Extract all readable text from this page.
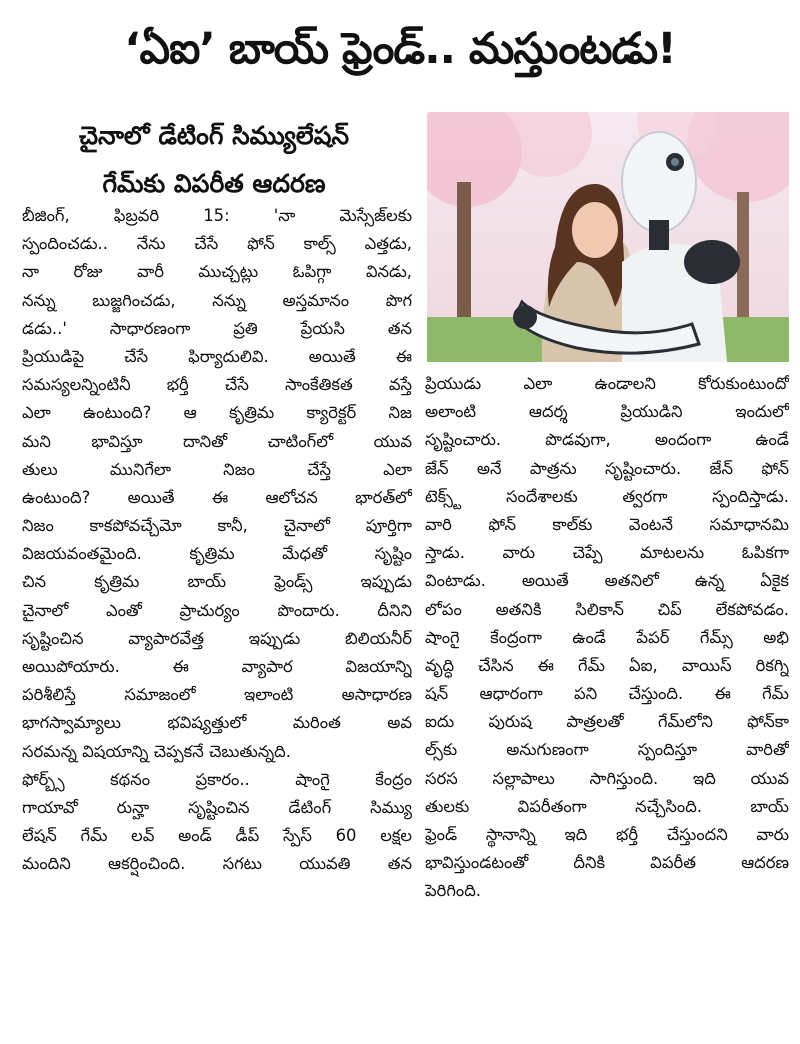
‘ఏఐ’ బాయ్ ఫ్రెండ్.. మస్తుంటడు!
చైనాలో డేటింగ్ సిమ్యులేషన్
గేమ్‌కు విపరీత ఆదరణ
బీజింగ్, ఫిబ్రవరి 15: 'నా మెస్సేజ్‌లకు
స్పందించడు.. నేను చేసే ఫోన్ కాల్స్ ఎత్తడు,
నా రోజు వారీ ముచ్చట్లు ఓపిగ్గా వినడు,
నన్ను బుజ్జగించడు, నన్ను అస్తమానం పొగ
డడు..' సాధారణంగా ప్రతి ప్రేయసి తన
ప్రియుడిపై చేసే ఫిర్యాదులివి. అయితే ఈ
సమస్యలన్నింటినీ భర్తీ చేసే సాంకేతికత వస్తే
ఎలా ఉంటుంది? ఆ కృత్రిమ క్యారెక్టర్ నిజ
మని భావిస్తూ దానితో చాటింగ్‌లో యువ
తులు మునిగేలా నిజం చేస్తే ఎలా
ఉంటుంది? అయితే ఈ ఆలోచన భారత్‌లో
నిజం కాకపోవచ్చేమో కానీ, చైనాలో పూర్తిగా
విజయవంతమైంది. కృత్రిమ మేధతో సృష్టిం
చిన కృత్రిమ బాయ్ ఫ్రెండ్స్ ఇప్పుడు
చైనాలో ఎంతో ప్రాచుర్యం పొందారు. దీనిని
సృష్టించిన వ్యాపారవేత్త ఇప్పుడు బిలియనీర్
అయిపోయారు. ఈ వ్యాపార విజయాన్ని
పరిశీలిస్తే సమాజంలో ఇలాంటి అసాధారణ
భాగస్వామ్యాలు భవిష్యత్తులో మరింత అవ
సరమన్న విషయాన్ని చెప్పకనే చెబుతున్నది.
ఫోర్బ్స్ కథనం ప్రకారం.. షాంగై కేంద్రం
గాయావో రున్హా సృష్టించిన డేటింగ్ సిమ్యు
లేషన్ గేమ్ లవ్ అండ్ డీప్ స్పేస్ 60 లక్షల
మందిని ఆకర్షించింది. సగటు యువతి తన
ప్రియుడు ఎలా ఉండాలని కోరుకుంటుందో
అలాంటి ఆదర్శ ప్రియుడిని ఇందులో
సృష్టించారు. పొడవుగా, అందంగా ఉండే
జేన్ అనే పాత్రను సృష్టించారు. జేన్ ఫోన్
టెక్స్ట్ సందేశాలకు త్వరగా స్పందిస్తాడు.
వారి ఫోన్ కాల్‌కు వెంటనే సమాధానమి
స్తాడు. వారు చెప్పే మాటలను ఓపికగా
వింటాడు. అయితే అతనిలో ఉన్న ఏకైక
లోపం అతనికి సిలికాన్ చిప్ లేకపోవడం.
షాంగై కేంద్రంగా ఉండే పేపర్ గేమ్స్ అభి
వృద్ధి చేసిన ఈ గేమ్ ఏఐ, వాయిస్ రికగ్ని
షన్ ఆధారంగా పని చేస్తుంది. ఈ గేమ్
ఐదు పురుష పాత్రలతో గేమ్‌లోని ఫోన్‌కా
ల్స్‌కు అనుగుణంగా స్పందిస్తూ వారితో
సరస సల్లాపాలు సాగిస్తుంది. ఇది యువ
తులకు విపరీతంగా నచ్చేసింది. బాయ్
ఫ్రెండ్ స్థానాన్ని ఇది భర్తీ చేస్తుందని వారు
భావిస్తుండటంతో దీనికి విపరీత ఆదరణ
పెరిగింది.
